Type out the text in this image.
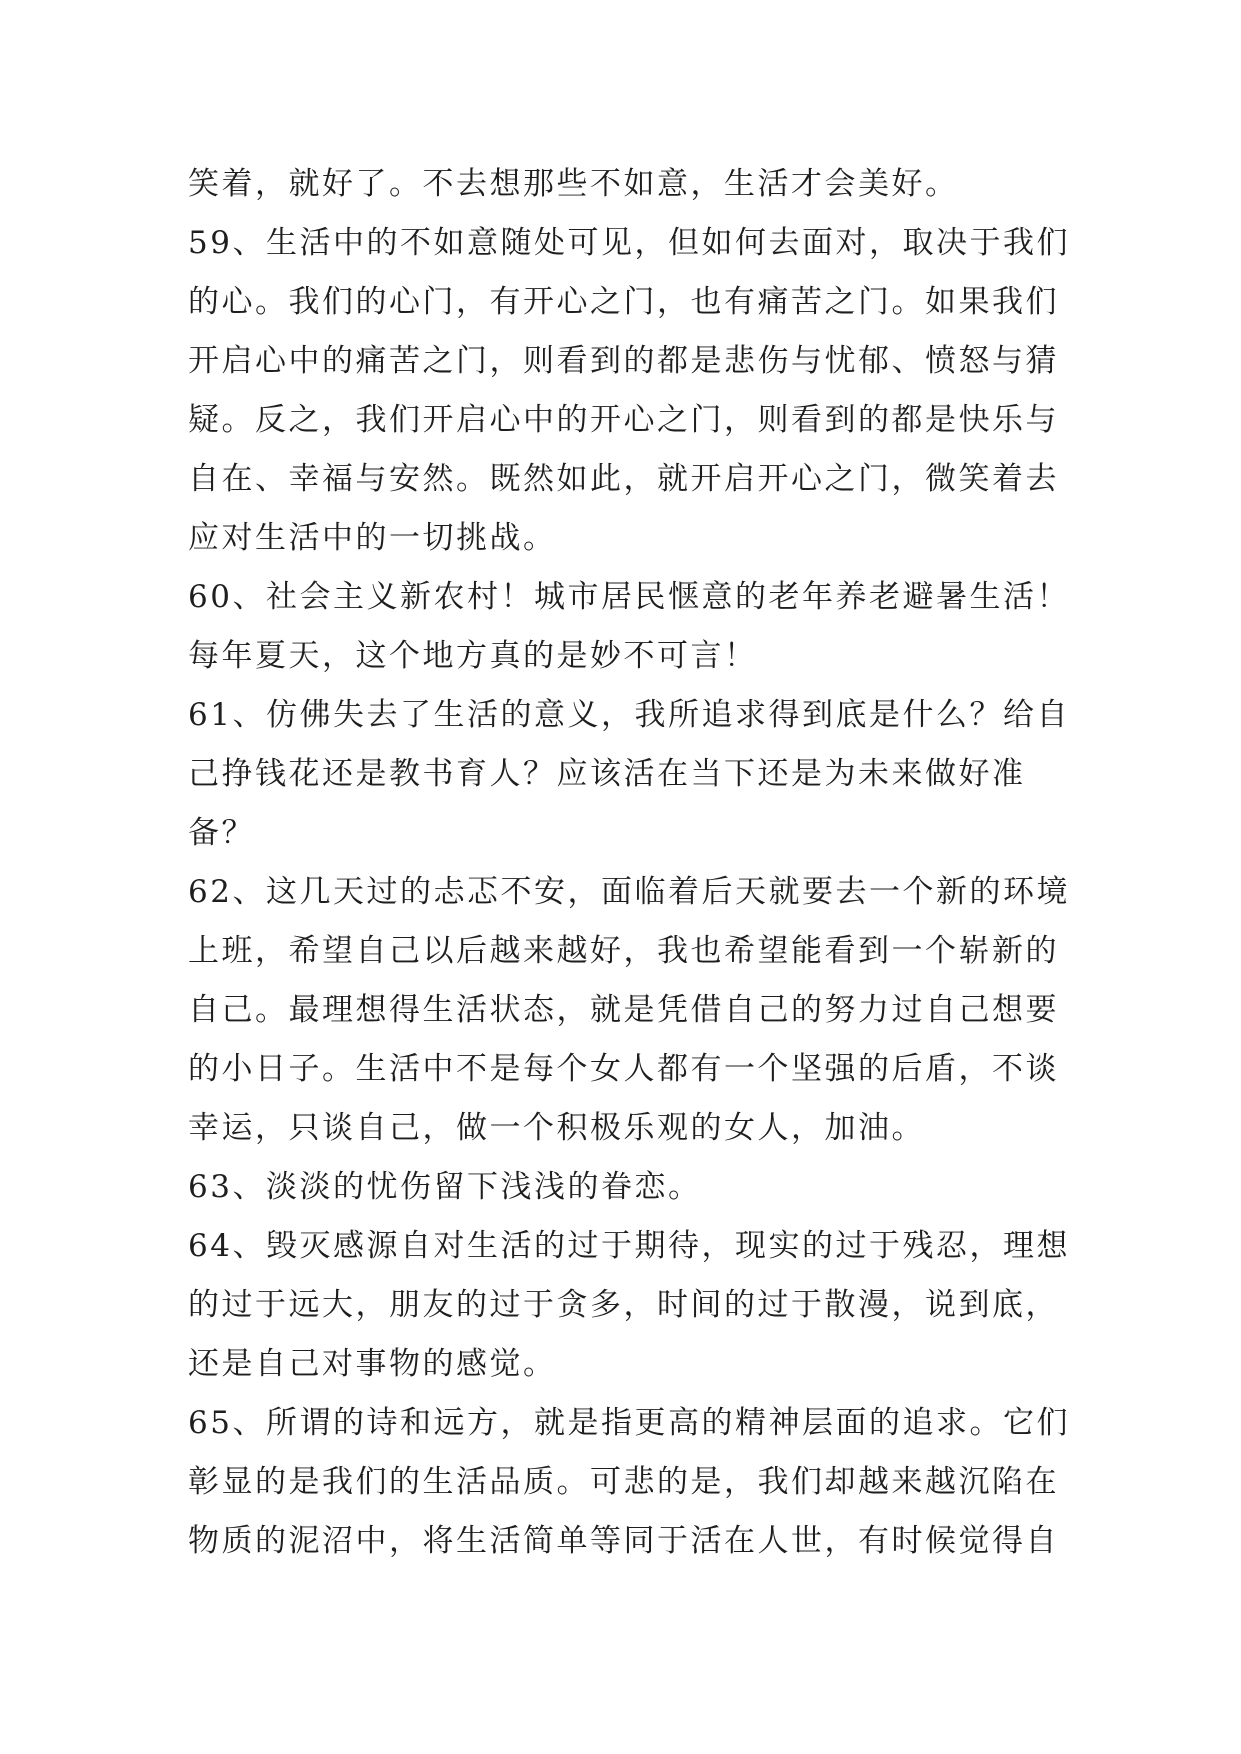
笑着，就好了。不去想那些不如意，生活才会美好。
59、生活中的不如意随处可见，但如何去面对，取决于我们
的心。我们的心门，有开心之门，也有痛苦之门。如果我们
开启心中的痛苦之门，则看到的都是悲伤与忧郁、愤怒与猜
疑。反之，我们开启心中的开心之门，则看到的都是快乐与
自在、幸福与安然。既然如此，就开启开心之门，微笑着去
应对生活中的一切挑战。
60、社会主义新农村！城市居民惬意的老年养老避暑生活！
每年夏天，这个地方真的是妙不可言！
61、仿佛失去了生活的意义，我所追求得到底是什么？给自
己挣钱花还是教书育人？应该活在当下还是为未来做好准
备？
62、这几天过的忐忑不安，面临着后天就要去一个新的环境
上班，希望自己以后越来越好，我也希望能看到一个崭新的
自己。最理想得生活状态，就是凭借自己的努力过自己想要
的小日子。生活中不是每个女人都有一个坚强的后盾，不谈
幸运，只谈自己，做一个积极乐观的女人，加油。
63、淡淡的忧伤留下浅浅的眷恋。
64、毁灭感源自对生活的过于期待，现实的过于残忍，理想
的过于远大，朋友的过于贪多，时间的过于散漫，说到底，
还是自己对事物的感觉。
65、所谓的诗和远方，就是指更高的精神层面的追求。它们
彰显的是我们的生活品质。可悲的是，我们却越来越沉陷在
物质的泥沼中，将生活简单等同于活在人世，有时候觉得自
